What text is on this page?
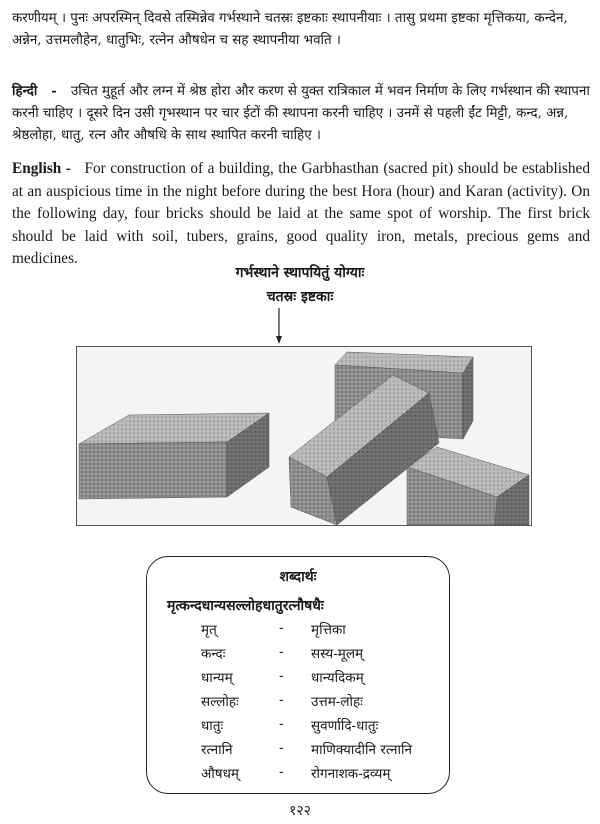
करणीयम् । पुनः अपरस्मिन् दिवसे तस्मिन्नेव गर्भस्थाने चतस्रः इष्टकाः स्थापनीयाः । तासु प्रथमा इष्टका मृत्तिकया, कन्देन, अन्नेन, उत्तमलौहेन, धातुभिः, रत्नेन औषधेन च सह स्थापनीया भवति ।

हिन्दी - उचित मुहूर्त और लग्न में श्रेष्ठ होरा और करण से युक्त रात्रिकाल में भवन निर्माण के लिए गर्भस्थान की स्थापना करनी चाहिए । दूसरे दिन उसी गृभस्थान पर चार ईटों की स्थापना करनी चाहिए । उनमें से पहली ईंट मिट्टी, कन्द, अन्न, श्रेष्ठलोहा, धातु, रत्न और औषधि के साथ स्थापित करनी चाहिए ।

English - For construction of a building, the Garbhasthan (sacred pit) should be established at an auspicious time in the night before during the best Hora (hour) and Karan (activity). On the following day, four bricks should be laid at the same spot of worship. The first brick should be laid with soil, tubers, grains, good quality iron, metals, precious gems and medicines.

गर्भस्थाने स्थापयितुं योग्याः
चतस्रः इष्टकाः
शब्दार्थः
मृत्कन्दधान्यसल्लोहधातुरत्नौषधैः
मृत्	- मृत्तिका
कन्दः	- सस्य-मूलम्
धान्यम्	- धान्यदिकम्
सल्लोहः	- उत्तम-लोहः
धातुः	- सुवर्णादि-धातुः
रत्नानि	- माणिक्यादीनि रत्नानि
औषधम्	- रोगनाशक-द्रव्यम्
१२२
